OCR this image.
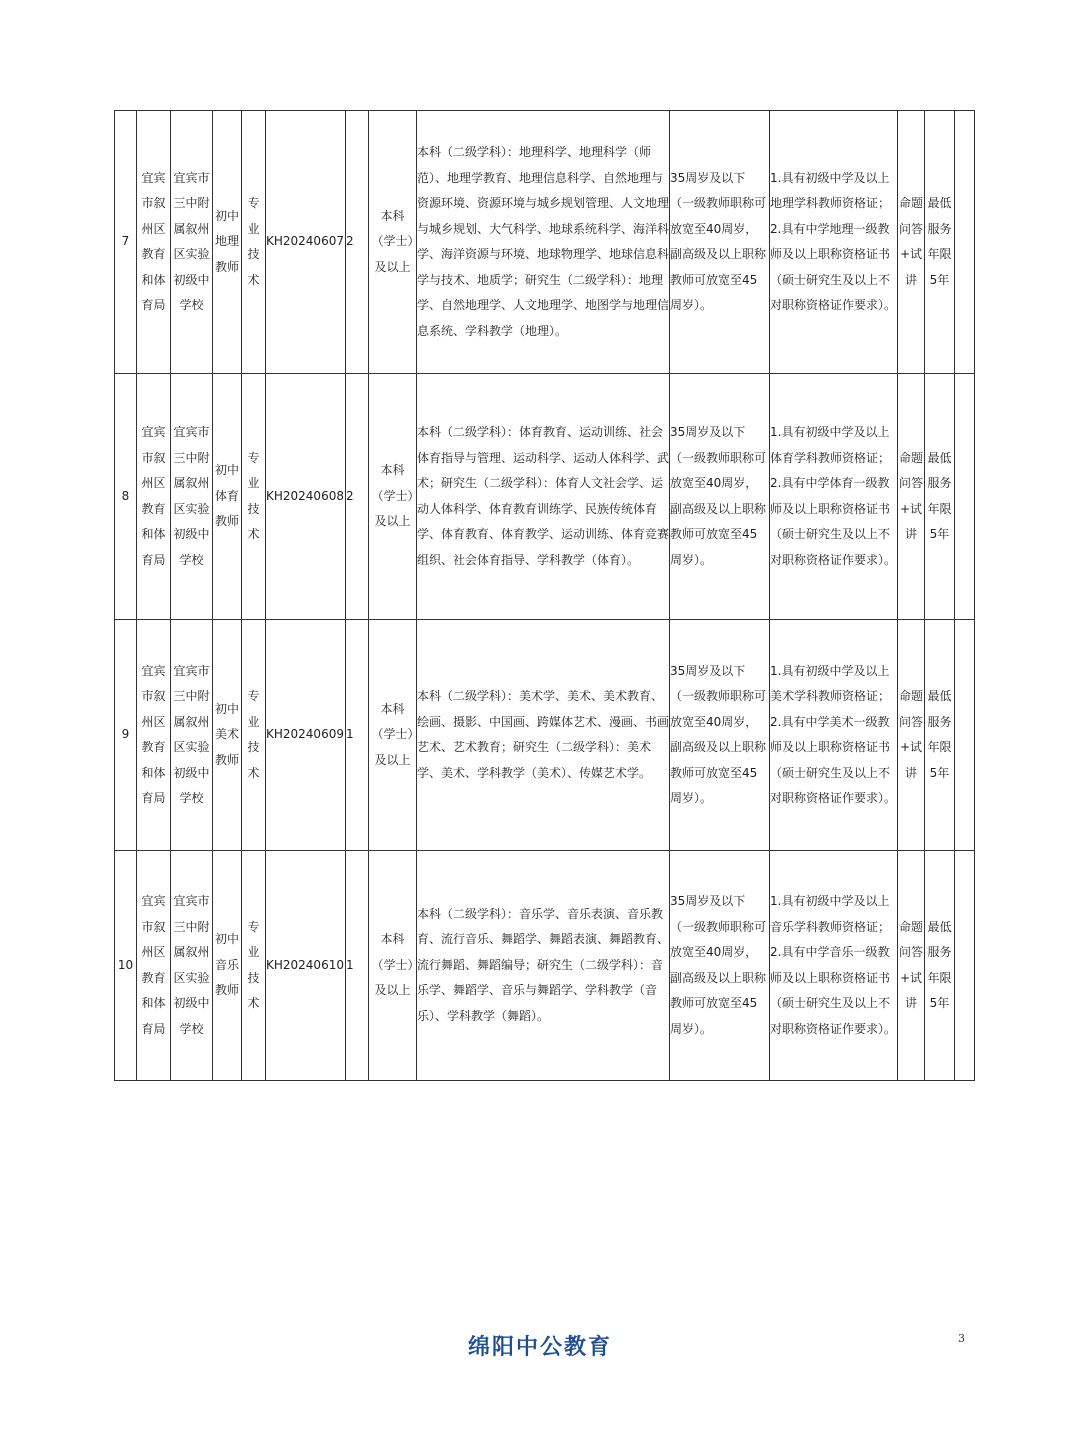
7	宜宾市叙州区教育和体育局	宜宾市三中附属叙州区实验初级中学校	初中地理教师	专业技术	KH20240607	2	本科（学士）及以上	本科（二级学科）：地理科学、地理科学（师范）、地理学教育、地理信息科学、自然地理与资源环境、资源环境与城乡规划管理、人文地理与城乡规划、大气科学、地球系统科学、海洋科学、海洋资源与环境、地球物理学、地球信息科学与技术、地质学；研究生（二级学科）：地理学、自然地理学、人文地理学、地图学与地理信息系统、学科教学（地理）。	35周岁及以下（一级教师职称可放宽至40周岁，副高级及以上职称教师可放宽至45周岁）。	1.具有初级中学及以上地理学科教师资格证；2.具有中学地理一级教师及以上职称资格证书（硕士研究生及以上不对职称资格证作要求）。	命题问答+试讲	最低服务年限5年	
8	宜宾市叙州区教育和体育局	宜宾市三中附属叙州区实验初级中学校	初中体育教师	专业技术	KH20240608	2	本科（学士）及以上	本科（二级学科）：体育教育、运动训练、社会体育指导与管理、运动科学、运动人体科学、武术；研究生（二级学科）：体育人文社会学、运动人体科学、体育教育训练学、民族传统体育学、体育教育、体育教学、运动训练、体育竞赛组织、社会体育指导、学科教学（体育）。	35周岁及以下（一级教师职称可放宽至40周岁，副高级及以上职称教师可放宽至45周岁）。	1.具有初级中学及以上体育学科教师资格证；2.具有中学体育一级教师及以上职称资格证书（硕士研究生及以上不对职称资格证作要求）。	命题问答+试讲	最低服务年限5年	
9	宜宾市叙州区教育和体育局	宜宾市三中附属叙州区实验初级中学校	初中美术教师	专业技术	KH20240609	1	本科（学士）及以上	本科（二级学科）：美术学、美术、美术教育、绘画、摄影、中国画、跨媒体艺术、漫画、书画艺术、艺术教育；研究生（二级学科）：美术学、美术、学科教学（美术）、传媒艺术学。	35周岁及以下（一级教师职称可放宽至40周岁，副高级及以上职称教师可放宽至45周岁）。	1.具有初级中学及以上美术学科教师资格证；2.具有中学美术一级教师及以上职称资格证书（硕士研究生及以上不对职称资格证作要求）。	命题问答+试讲	最低服务年限5年	
10	宜宾市叙州区教育和体育局	宜宾市三中附属叙州区实验初级中学校	初中音乐教师	专业技术	KH20240610	1	本科（学士）及以上	本科（二级学科）：音乐学、音乐表演、音乐教育、流行音乐、舞蹈学、舞蹈表演、舞蹈教育、流行舞蹈、舞蹈编导；研究生（二级学科）：音乐学、舞蹈学、音乐与舞蹈学、学科教学（音乐）、学科教学（舞蹈）。	35周岁及以下（一级教师职称可放宽至40周岁，副高级及以上职称教师可放宽至45周岁）。	1.具有初级中学及以上音乐学科教师资格证；2.具有中学音乐一级教师及以上职称资格证书（硕士研究生及以上不对职称资格证作要求）。	命题问答+试讲	最低服务年限5年	
绵阳中公教育	3
